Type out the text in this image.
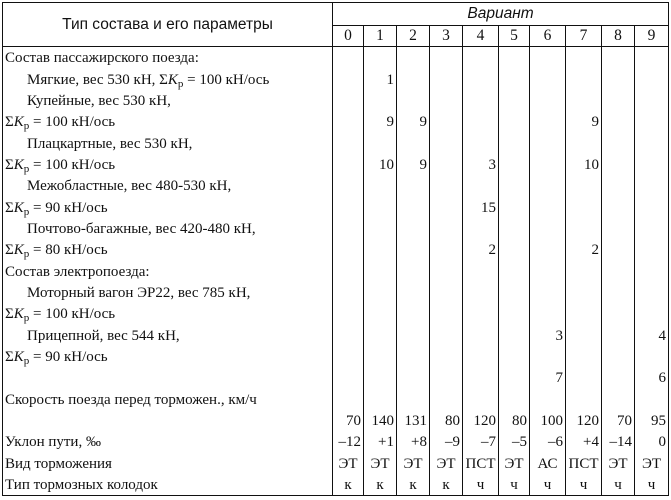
Тип состава и его параметры	Вариант									
	0	1	2	3	4	5	6	7	8	9
Состав пассажирского поезда:										
Мягкие, вес 530 кН, $\Sigma K_p = 100$ кН/ось		1								
Купейные, вес 530 кН,										
$\Sigma K_p = 100$ кН/ось		9	9					9		
Плацкартные, вес 530 кН,										
$\Sigma K_p = 100$ кН/ось		10	9		3			10		
Межобластные, вес 480-530 кН,										
$\Sigma K_p = 90$ кН/ось					15					
Почтово-багажные, вес 420-480 кН,										
$\Sigma K_p = 80$ кН/ось					2			2		
Состав электропоезда:										
Моторный вагон ЭР22, вес 785 кН,										
$\Sigma K_p = 100$ кН/ось										
Прицепной, вес 544 кН,							3			4
$\Sigma K_p = 90$ кН/ось										
							7			6
Скорость поезда перед торможен., км/ч										
	70	140	131	80	120	80	100	120	70	95
Уклон пути, ‰	–12	+1	+8	–9	–7	–5	–6	+4	–14	0
Вид торможения	ЭТ	ЭТ	ЭТ	ЭТ	ПСТ	ЭТ	АС	ПСТ	ЭТ	ЭТ
Тип тормозных колодок	к	к	к	к	ч	ч	ч	ч	ч	ч
